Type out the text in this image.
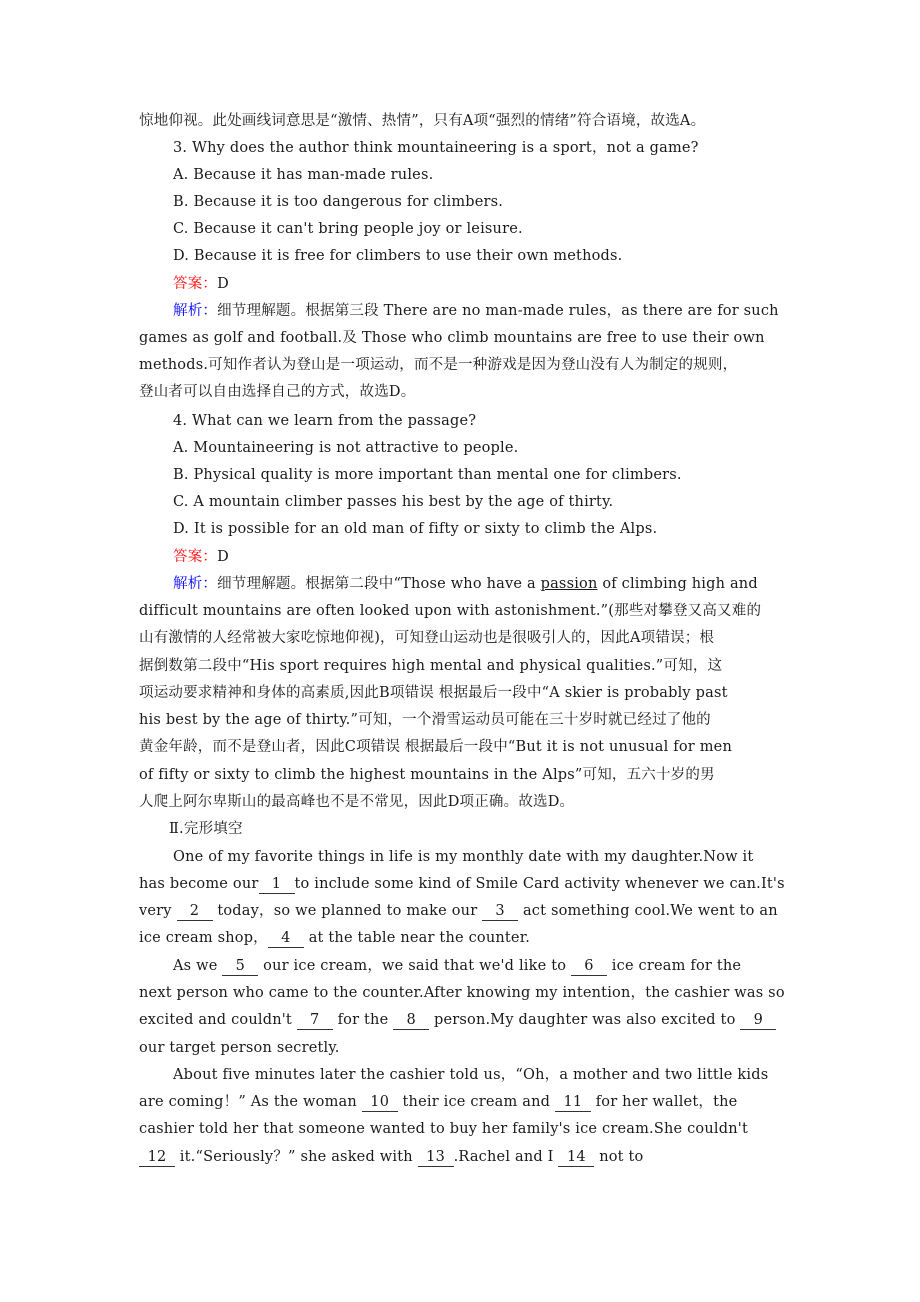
惊地仰视。此处画线词意思是“激情、热情”，只有A项“强烈的情绪”符合语境，故选A。
3. Why does the author think mountaineering is a sport，not a game?
A. Because it has man-made rules.
B. Because it is too dangerous for climbers.
C. Because it can't bring people joy or leisure.
D. Because it is free for climbers to use their own methods.
答案：D
解析：细节理解题。根据第三段 There are no man-made rules，as there are for such
games as golf and football.及 Those who climb mountains are free to use their own
methods.可知作者认为登山是一项运动，而不是一种游戏是因为登山没有人为制定的规则，
登山者可以自由选择自己的方式，故选D。
4. What can we learn from the passage?
A. Mountaineering is not attractive to people.
B. Physical quality is more important than mental one for climbers.
C. A mountain climber passes his best by the age of thirty.
D. It is possible for an old man of fifty or sixty to climb the Alps.
答案：D
解析：细节理解题。根据第二段中“Those who have a passion of climbing high and
difficult mountains are often looked upon with astonishment.”(那些对攀登又高又难的
山有激情的人经常被大家吃惊地仰视)，可知登山运动也是很吸引人的，因此A项错误；根
据倒数第二段中“His sport requires high mental and physical qualities.”可知，这
项运动要求精神和身体的高素质,因此B项错误 根据最后一段中“A skier is probably past
his best by the age of thirty.”可知，一个滑雪运动员可能在三十岁时就已经过了他的
黄金年龄，而不是登山者，因此C项错误 根据最后一段中“But it is not unusual for men
of fifty or sixty to climb the highest mountains in the Alps”可知，五六十岁的男
人爬上阿尔卑斯山的最高峰也不是不常见，因此D项正确。故选D。
Ⅱ.完形填空
One of my favorite things in life is my monthly date with my daughter.Now it
has become our 1 to include some kind of Smile Card activity whenever we can.It's
very 2 today，so we planned to make our 3 act something cool.We went to an
ice cream shop， 4 at the table near the counter.
As we 5 our ice cream，we said that we'd like to 6 ice cream for the
next person who came to the counter.After knowing my intention，the cashier was so
excited and couldn't 7 for the 8 person.My daughter was also excited to 9
our target person secretly.
About five minutes later the cashier told us，“Oh，a mother and two little kids
are coming！” As the woman 10 their ice cream and 11 for her wallet，the
cashier told her that someone wanted to buy her family's ice cream.She couldn't
12 it.“Seriously？” she asked with 13 .Rachel and I 14 not to
